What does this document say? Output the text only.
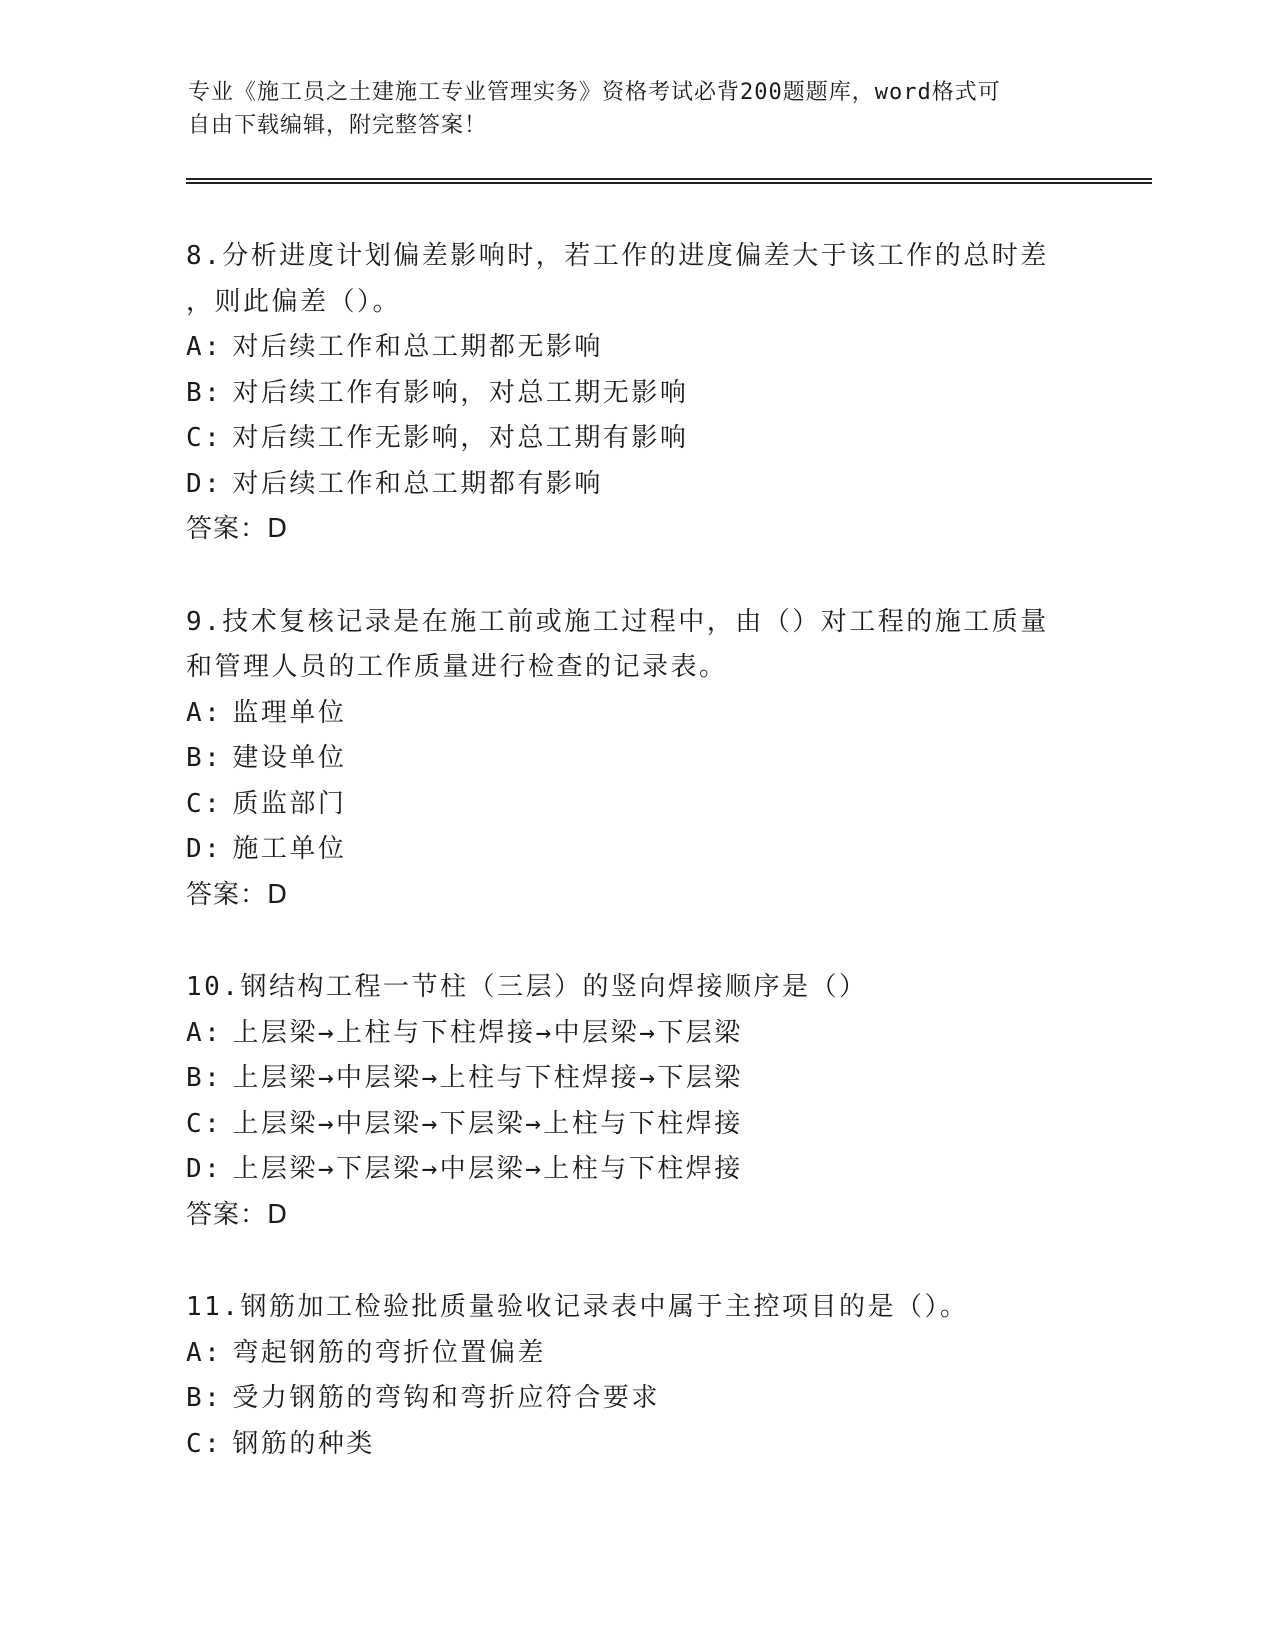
专业《施工员之土建施工专业管理实务》资格考试必背200题题库，word格式可
自由下载编辑，附完整答案！
8.分析进度计划偏差影响时，若工作的进度偏差大于该工作的总时差
，则此偏差（）。
A: 对后续工作和总工期都无影响
B: 对后续工作有影响，对总工期无影响
C: 对后续工作无影响，对总工期有影响
D: 对后续工作和总工期都有影响
答案：D
9.技术复核记录是在施工前或施工过程中，由（）对工程的施工质量
和管理人员的工作质量进行检查的记录表。
A: 监理单位
B: 建设单位
C: 质监部门
D: 施工单位
答案：D
10.钢结构工程一节柱（三层）的竖向焊接顺序是（）
A: 上层梁→上柱与下柱焊接→中层梁→下层梁
B: 上层梁→中层梁→上柱与下柱焊接→下层梁
C: 上层梁→中层梁→下层梁→上柱与下柱焊接
D: 上层梁→下层梁→中层梁→上柱与下柱焊接
答案：D
11.钢筋加工检验批质量验收记录表中属于主控项目的是（）。
A: 弯起钢筋的弯折位置偏差
B: 受力钢筋的弯钩和弯折应符合要求
C: 钢筋的种类
